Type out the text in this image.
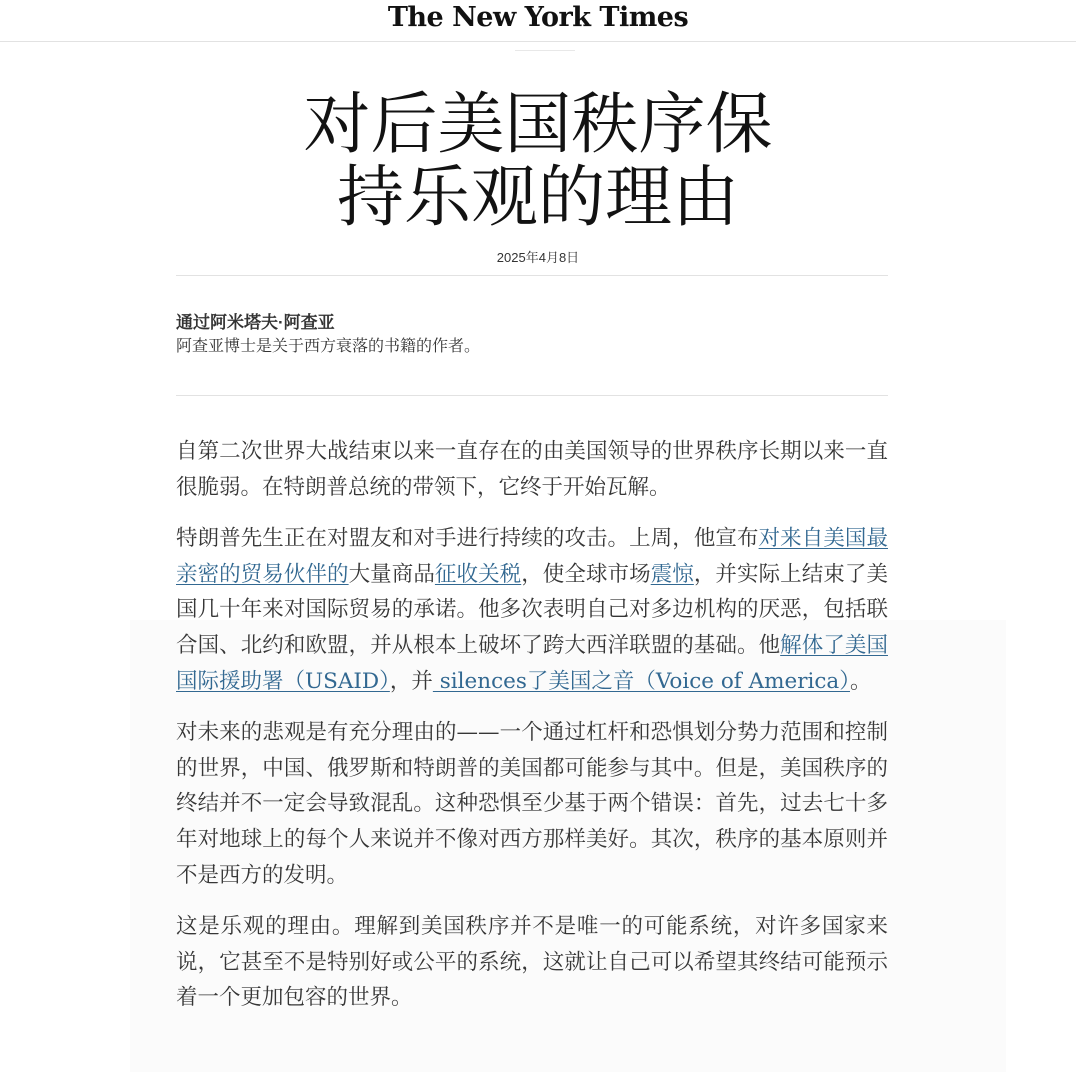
The New York Times
对后美国秩序保
持乐观的理由
2025年4月8日
通过阿米塔夫·阿查亚
阿查亚博士是关于西方衰落的书籍的作者。

自第二次世界大战结束以来一直存在的由美国领导的世界秩序长期以来一直很脆弱。在特朗普总统的带领下，它终于开始瓦解。

特朗普先生正在对盟友和对手进行持续的攻击。上周，他宣布对来自美国最亲密的贸易伙伴的大量商品征收关税，使全球市场震惊，并实际上结束了美国几十年来对国际贸易的承诺。他多次表明自己对多边机构的厌恶，包括联合国、北约和欧盟，并从根本上破坏了跨大西洋联盟的基础。他解体了美国国际援助署（USAID），并 silences了美国之音（Voice of America）。

对未来的悲观是有充分理由的——一个通过杠杆和恐惧划分势力范围和控制的世界，中国、俄罗斯和特朗普的美国都可能参与其中。但是，美国秩序的终结并不一定会导致混乱。这种恐惧至少基于两个错误：首先，过去七十多年对地球上的每个人来说并不像对西方那样美好。其次，秩序的基本原则并不是西方的发明。

这是乐观的理由。理解到美国秩序并不是唯一的可能系统，对许多国家来说，它甚至不是特别好或公平的系统，这就让自己可以希望其终结可能预示着一个更加包容的世界。
